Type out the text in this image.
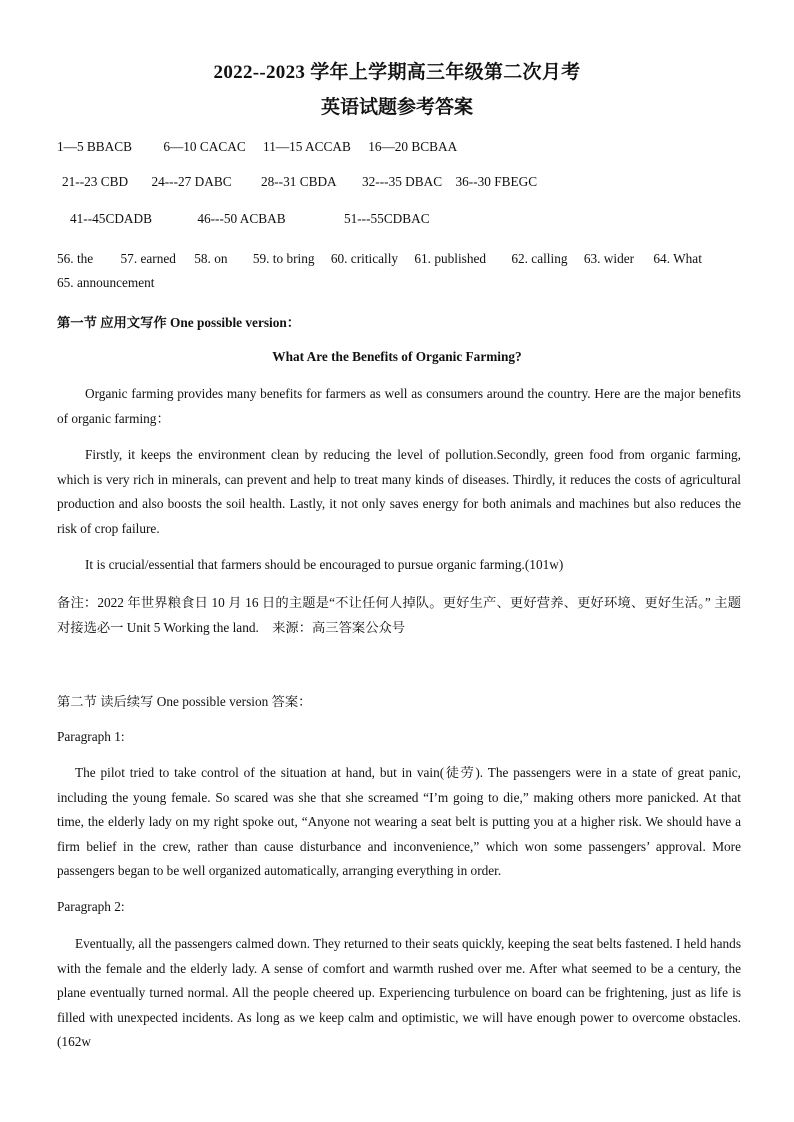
2022--2023 学年上学期高三年级第二次月考
英语试题参考答案
1—5 BBACB 6—10 CACAC 11—15 ACCAB 16—20 BCBAA
21--23 CBD 24---27 DABC 28--31 CBDA 32---35 DBAC 36--30 FBEGC
41--45CDADB	46---50 ACBAB	51---55CDBAC
56. the 57. earned 58. on 59. to bring 60. critically 61. published 62. calling 63. wider 64. What
65. announcement
第一节 应用文写作 One possible version：
What Are the Benefits of Organic Farming?
Organic farming provides many benefits for farmers as well as consumers around the country. Here are the major benefits of organic farming：
Firstly, it keeps the environment clean by reducing the level of pollution.Secondly, green food from organic farming, which is very rich in minerals, can prevent and help to treat many kinds of diseases. Thirdly, it reduces the costs of agricultural production and also boosts the soil health. Lastly, it not only saves energy for both animals and machines but also reduces the risk of crop failure.
It is crucial/essential that farmers should be encouraged to pursue organic farming.(101w)
备注：2022 年世界粮食日 10 月 16 日的主题是“不让任何人掉队。更好生产、更好营养、更好环境、更好生活。” 主题对接选必一 Unit 5 Working the land.　来源：高三答案公众号
第二节 读后续写 One possible version 答案：
Paragraph 1:
The pilot tried to take control of the situation at hand, but in vain(徒劳). The passengers were in a state of great panic, including the young female. So scared was she that she screamed “I’m going to die,” making others more panicked. At that time, the elderly lady on my right spoke out, “Anyone not wearing a seat belt is putting you at a higher risk. We should have a firm belief in the crew, rather than cause disturbance and inconvenience,” which won some passengers’ approval. More passengers began to be well organized automatically, arranging everything in order.
Paragraph 2:
Eventually, all the passengers calmed down. They returned to their seats quickly, keeping the seat belts fastened. I held hands with the female and the elderly lady. A sense of comfort and warmth rushed over me. After what seemed to be a century, the plane eventually turned normal. All the people cheered up. Experiencing turbulence on board can be frightening, just as life is filled with unexpected incidents. As long as we keep calm and optimistic, we will have enough power to overcome obstacles.(162w
